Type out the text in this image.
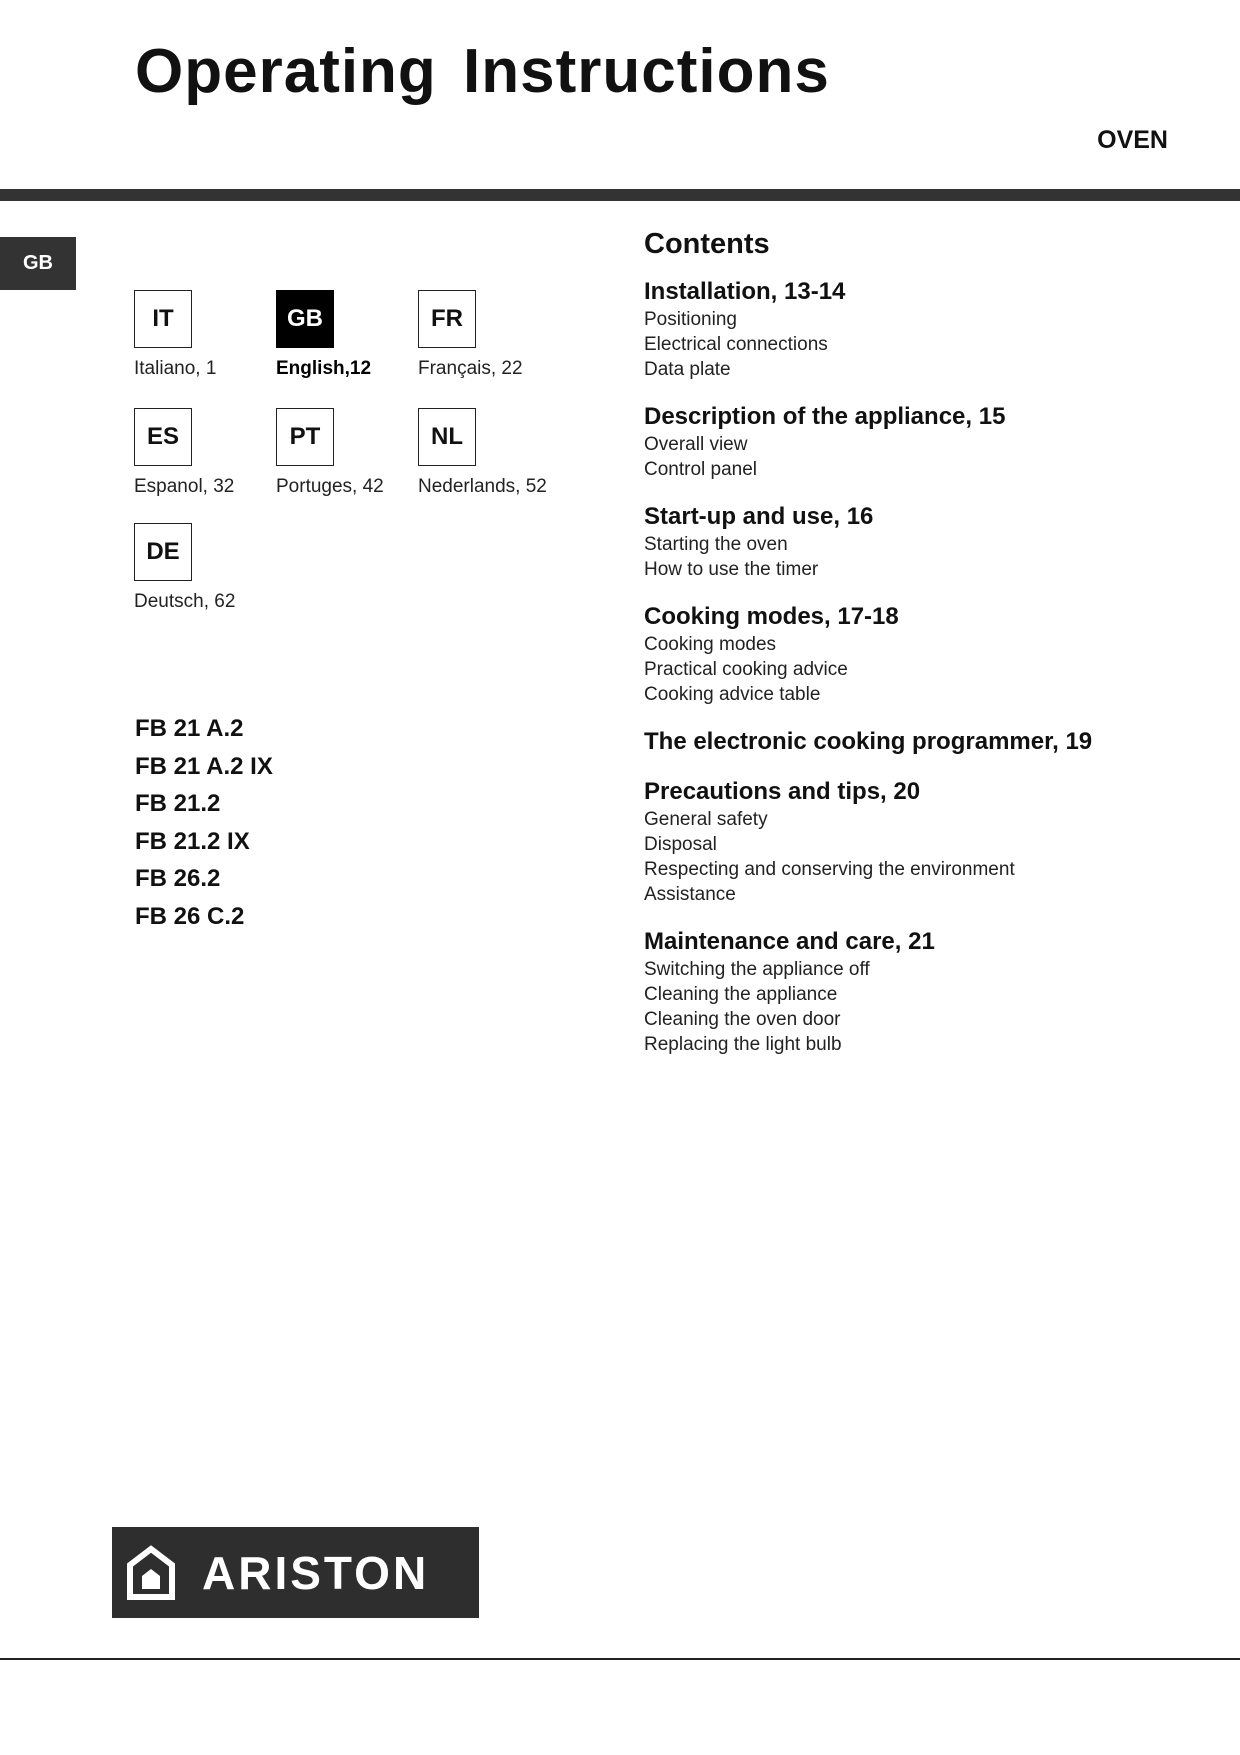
Operating Instructions
OVEN
GB
IT
Italiano, 1
GB
English,12
FR
Français, 22
ES
Espanol, 32
PT
Portuges, 42
NL
Nederlands, 52
DE
Deutsch, 62
FB 21 A.2
FB 21 A.2 IX
FB 21.2
FB 21.2 IX
FB 26.2
FB 26 C.2
Contents
Installation, 13-14
Positioning
Electrical connections
Data plate
Description of the appliance, 15
Overall view
Control panel
Start-up and use, 16
Starting the oven
How to use the timer
Cooking modes, 17-18
Cooking modes
Practical cooking advice
Cooking advice table
The electronic cooking programmer, 19
Precautions and tips, 20
General safety
Disposal
Respecting and conserving the environment
Assistance
Maintenance and care, 21
Switching the appliance off
Cleaning the appliance
Cleaning the oven door
Replacing the light bulb
ARISTON
